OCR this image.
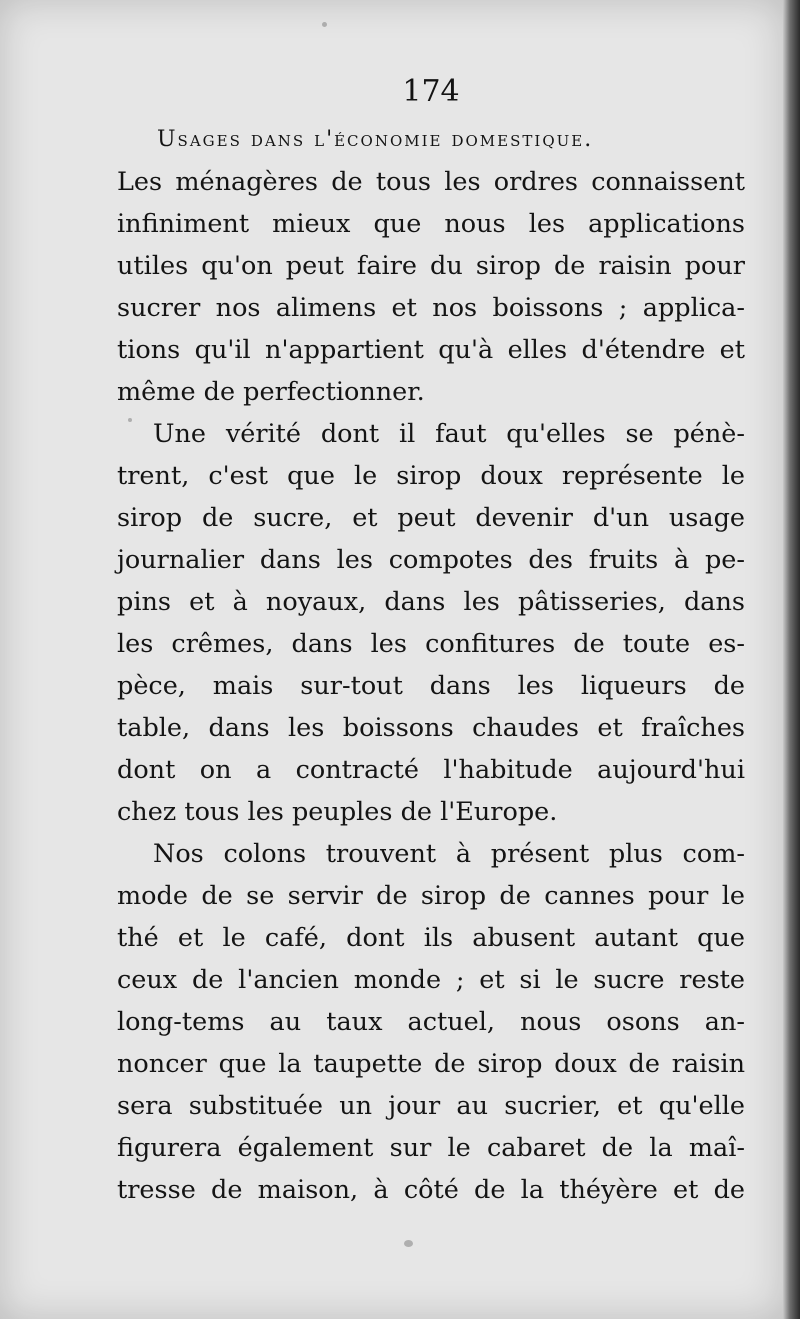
174
Usages dans l'économie domestique.
Les ménagères de tous les ordres connaissent
infiniment mieux que nous les applications
utiles qu'on peut faire du sirop de raisin pour
sucrer nos alimens et nos boissons ; applica-
tions qu'il n'appartient qu'à elles d'étendre et
même de perfectionner.
Une vérité dont il faut qu'elles se pénè-
trent, c'est que le sirop doux représente le
sirop de sucre, et peut devenir d'un usage
journalier dans les compotes des fruits à pe-
pins et à noyaux, dans les pâtisseries, dans
les crêmes, dans les confitures de toute es-
pèce, mais sur-tout dans les liqueurs de
table, dans les boissons chaudes et fraîches
dont on a contracté l'habitude aujourd'hui
chez tous les peuples de l'Europe.
Nos colons trouvent à présent plus com-
mode de se servir de sirop de cannes pour le
thé et le café, dont ils abusent autant que
ceux de l'ancien monde ; et si le sucre reste
long-tems au taux actuel, nous osons an-
noncer que la taupette de sirop doux de raisin
sera substituée un jour au sucrier, et qu'elle
figurera également sur le cabaret de la maî-
tresse de maison, à côté de la théyère et de
